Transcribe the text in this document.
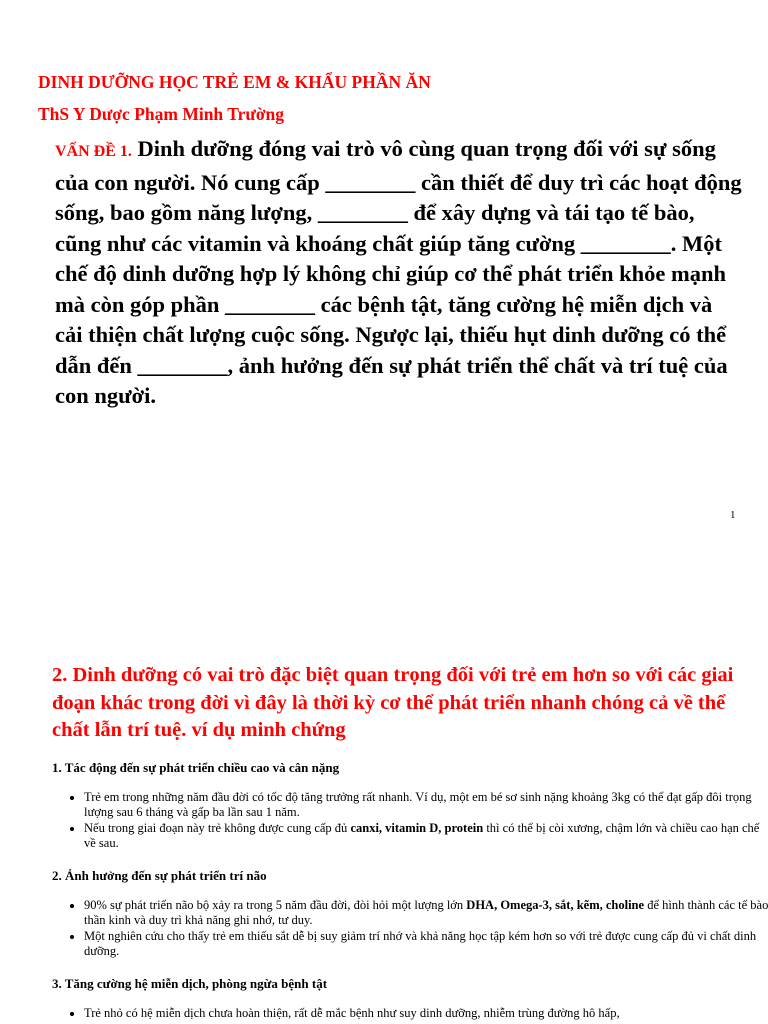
DINH DƯỠNG HỌC TRẺ EM & KHẨU PHẦN ĂN
ThS Y Dược Phạm Minh Trường
VẤN ĐỀ 1. Dinh dưỡng đóng vai trò vô cùng quan trọng đối với sự sống của con người. Nó cung cấp ________ cần thiết để duy trì các hoạt động sống, bao gồm năng lượng, ________ để xây dựng và tái tạo tế bào, cũng như các vitamin và khoáng chất giúp tăng cường ________. Một chế độ dinh dưỡng hợp lý không chỉ giúp cơ thể phát triển khỏe mạnh mà còn góp phần ________ các bệnh tật, tăng cường hệ miễn dịch và cải thiện chất lượng cuộc sống. Ngược lại, thiếu hụt dinh dưỡng có thể dẫn đến ________, ảnh hưởng đến sự phát triển thể chất và trí tuệ của con người.
1
2. Dinh dưỡng có vai trò đặc biệt quan trọng đối với trẻ em hơn so với các giai đoạn khác trong đời vì đây là thời kỳ cơ thể phát triển nhanh chóng cả về thể chất lẫn trí tuệ. ví dụ minh chứng
1. Tác động đến sự phát triển chiều cao và cân nặng
• Trẻ em trong những năm đầu đời có tốc độ tăng trưởng rất nhanh. Ví dụ, một em bé sơ sinh nặng khoảng 3kg có thể đạt gấp đôi trọng lượng sau 6 tháng và gấp ba lần sau 1 năm.
• Nếu trong giai đoạn này trẻ không được cung cấp đủ canxi, vitamin D, protein thì có thể bị còi xương, chậm lớn và chiều cao hạn chế về sau.
2. Ảnh hưởng đến sự phát triển trí não
• 90% sự phát triển não bộ xảy ra trong 5 năm đầu đời, đòi hỏi một lượng lớn DHA, Omega-3, sắt, kẽm, choline để hình thành các tế bào thần kinh và duy trì khả năng ghi nhớ, tư duy.
• Một nghiên cứu cho thấy trẻ em thiếu sắt dễ bị suy giảm trí nhớ và khả năng học tập kém hơn so với trẻ được cung cấp đủ vi chất dinh dưỡng.
3. Tăng cường hệ miễn dịch, phòng ngừa bệnh tật
• Trẻ nhỏ có hệ miễn dịch chưa hoàn thiện, rất dễ mắc bệnh như suy dinh dưỡng, nhiễm trùng đường hô hấp,
